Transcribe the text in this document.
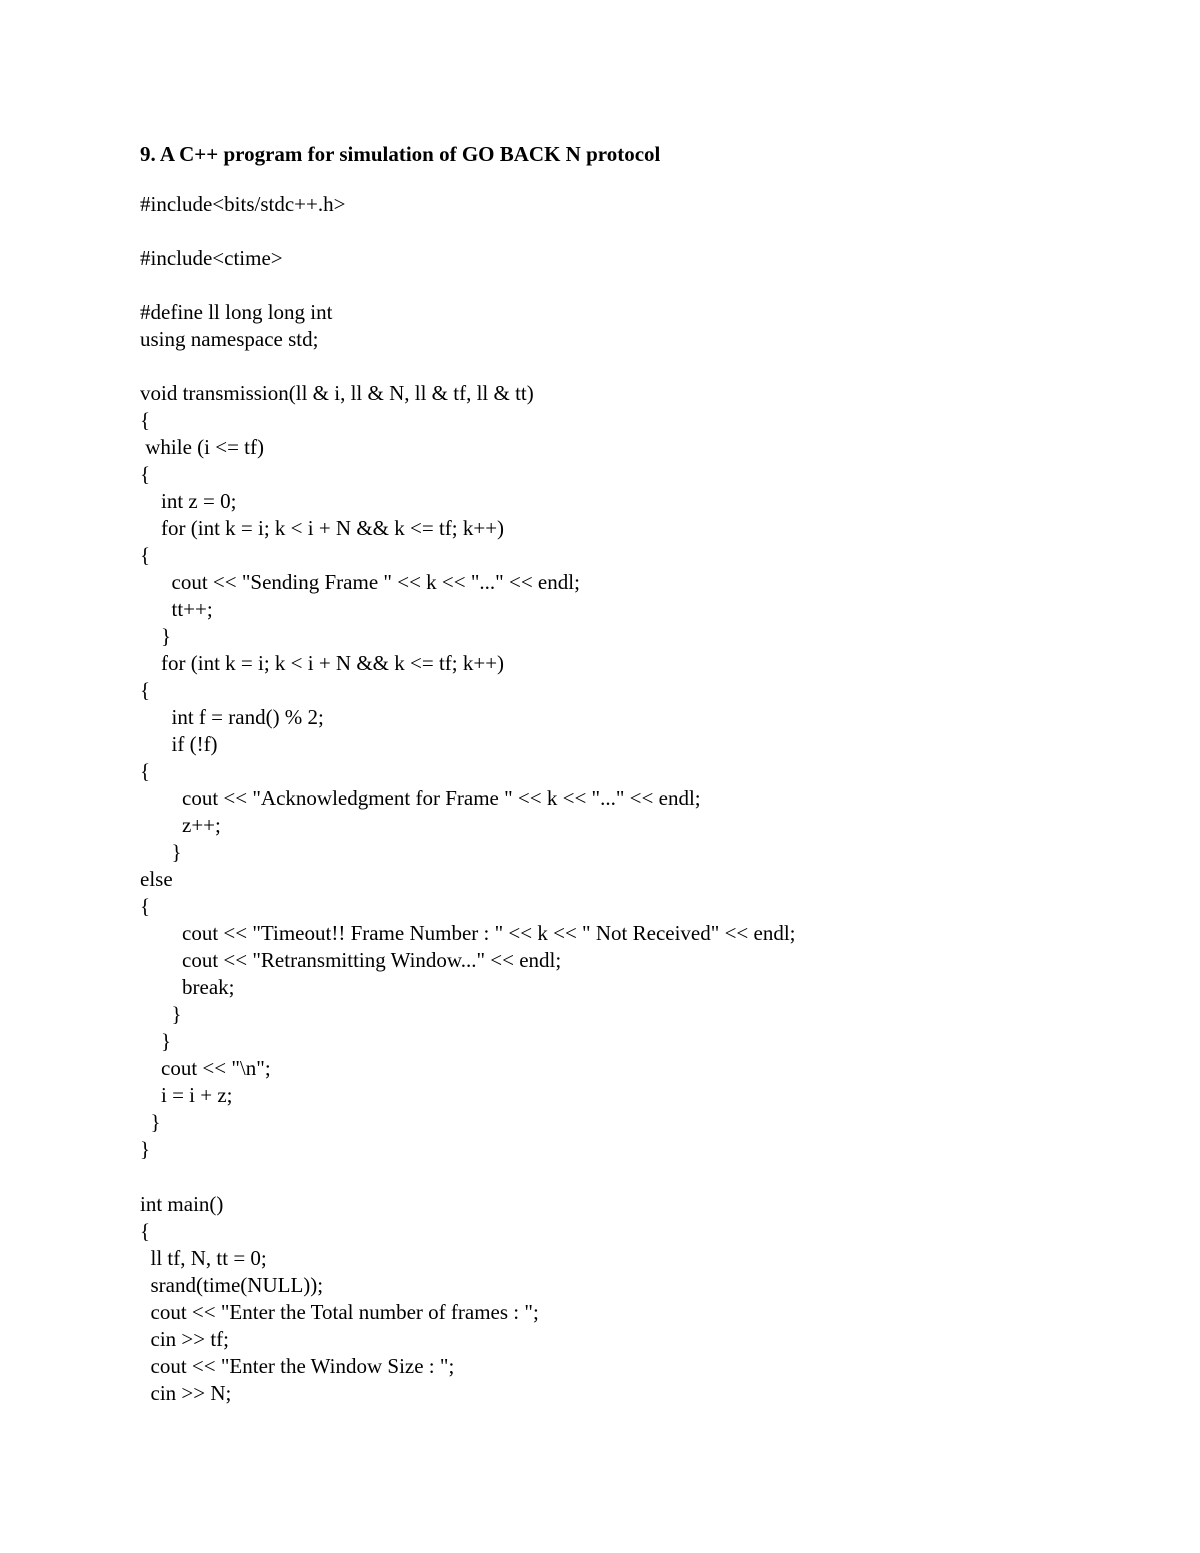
9. A C++ program for simulation of GO BACK N protocol
#include<bits/stdc++.h>
#include<ctime>
#define ll long long int
using namespace std;
void transmission(ll & i, ll & N, ll & tf, ll & tt)
{
while (i <= tf)
{
int z = 0;
for (int k = i; k < i + N && k <= tf; k++)
{
cout << "Sending Frame " << k << "..." << endl;
tt++;
}
for (int k = i; k < i + N && k <= tf; k++)
{
int f = rand() % 2;
if (!f)
{
cout << "Acknowledgment for Frame " << k << "..." << endl;
z++;
}
else
{
cout << "Timeout!! Frame Number : " << k << " Not Received" << endl;
cout << "Retransmitting Window..." << endl;
break;
}
}
cout << "\n";
i = i + z;
}
}
int main()
{
ll tf, N, tt = 0;
srand(time(NULL));
cout << "Enter the Total number of frames : ";
cin >> tf;
cout << "Enter the Window Size : ";
cin >> N;
